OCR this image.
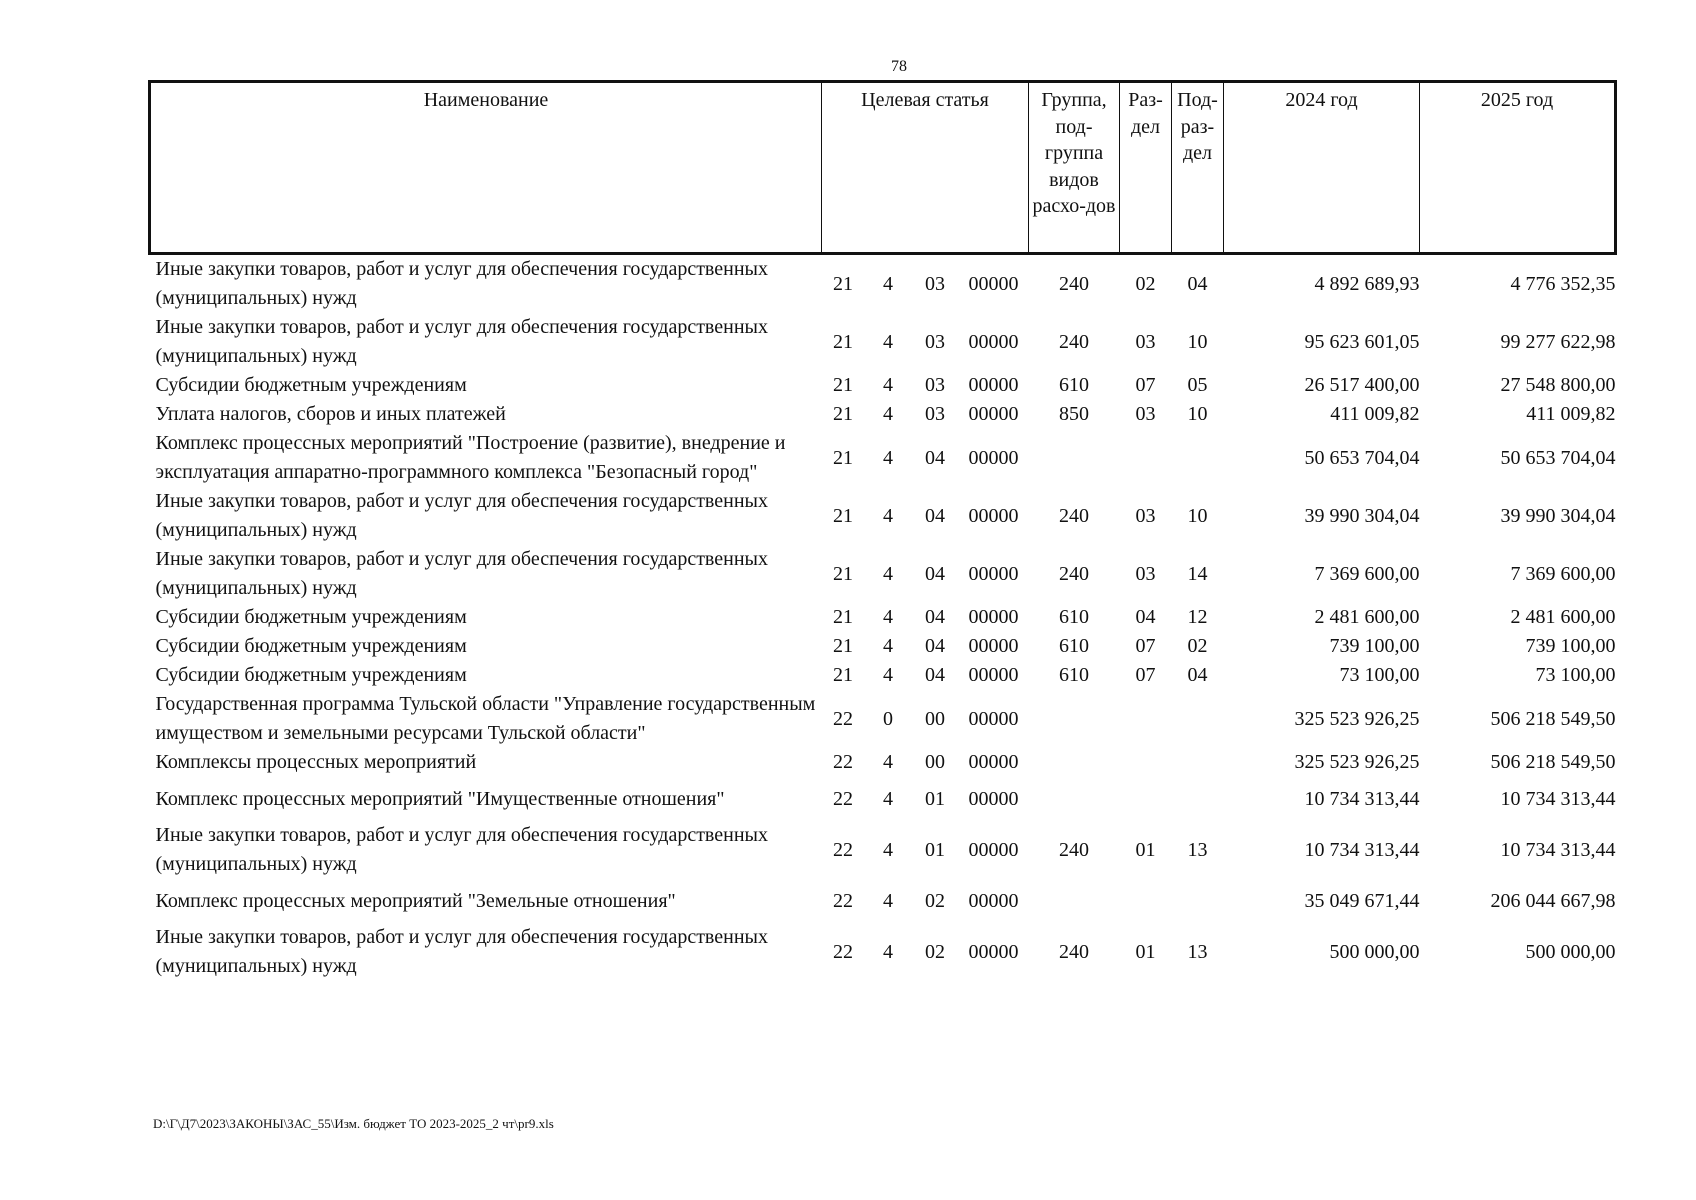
78
Наименование	Целевая статья				Группа, под-группа видов расхо-дов	Раз-дел	Под-раз-дел	2024 год	2025 год
Иные закупки товаров, работ и услуг для обеспечения государственных (муниципальных) нужд	21	4	03	00000	240	02	04	4 892 689,93	4 776 352,35
Иные закупки товаров, работ и услуг для обеспечения государственных (муниципальных) нужд	21	4	03	00000	240	03	10	95 623 601,05	99 277 622,98
Субсидии бюджетным учреждениям	21	4	03	00000	610	07	05	26 517 400,00	27 548 800,00
Уплата налогов, сборов и иных платежей	21	4	03	00000	850	03	10	411 009,82	411 009,82
Комплекс процессных мероприятий "Построение (развитие), внедрение и эксплуатация аппаратно-программного комплекса "Безопасный город"	21	4	04	00000				50 653 704,04	50 653 704,04
Иные закупки товаров, работ и услуг для обеспечения государственных (муниципальных) нужд	21	4	04	00000	240	03	10	39 990 304,04	39 990 304,04
Иные закупки товаров, работ и услуг для обеспечения государственных (муниципальных) нужд	21	4	04	00000	240	03	14	7 369 600,00	7 369 600,00
Субсидии бюджетным учреждениям	21	4	04	00000	610	04	12	2 481 600,00	2 481 600,00
Субсидии бюджетным учреждениям	21	4	04	00000	610	07	02	739 100,00	739 100,00
Субсидии бюджетным учреждениям	21	4	04	00000	610	07	04	73 100,00	73 100,00
Государственная программа Тульской области "Управление государственным имуществом и земельными ресурсами Тульской области"	22	0	00	00000				325 523 926,25	506 218 549,50
Комплексы процессных мероприятий	22	4	00	00000				325 523 926,25	506 218 549,50
Комплекс процессных мероприятий "Имущественные отношения"	22	4	01	00000				10 734 313,44	10 734 313,44
Иные закупки товаров, работ и услуг для обеспечения государственных (муниципальных) нужд	22	4	01	00000	240	01	13	10 734 313,44	10 734 313,44
Комплекс процессных мероприятий "Земельные отношения"	22	4	02	00000				35 049 671,44	206 044 667,98
Иные закупки товаров, работ и услуг для обеспечения государственных (муниципальных) нужд	22	4	02	00000	240	01	13	500 000,00	500 000,00
D:\Г\Д7\2023\ЗАКОНЫ\ЗАС_55\Изм. бюджет ТО 2023-2025_2 чт\pr9.xls
